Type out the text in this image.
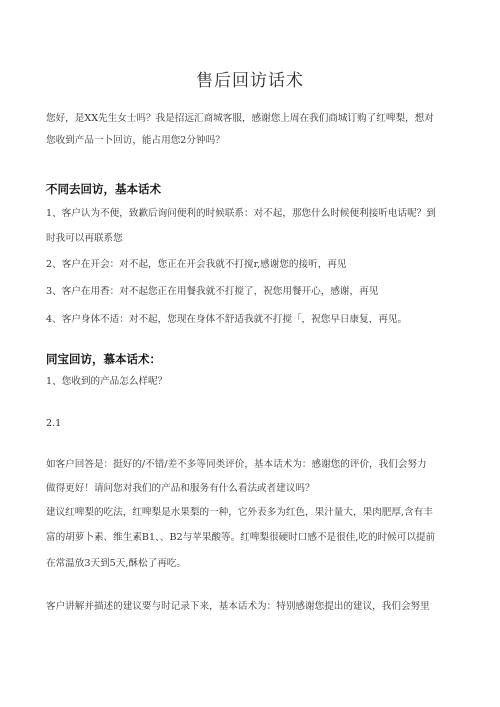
售后回访话术
您好，是XX先生女士吗？我是招远汇商城客服，感谢您上周在我们商城订购了红啤梨，想对
您收到产品一卜回访，能占用您2分钟吗？
不同去回访，基本话术
1、客户认为不便，致歉后询问便利的时候联系：对不起，那您什么时候便利接听电话呢？到
时我可以再联系您
2、客户在开会：对不起，您正在开会我就不打搅r,感谢您的接听，再见
3、客户在用香：对不起您正在用餐我就不打搅了，祝您用餐开心，感谢，再见
4、客户身体不适：对不起，您现在身体不舒适我就不打搅「，祝您早日康复，再见。
同宝回访，慕本话术：
1、您收到的产品怎么样呢？
2.1
如客户回答是：挺好的/不错/差不多等同类评价，基本话术为：感谢您的评价，我们会努力
做得更好！请问您对我们的产品和服务有什么看法或者建议吗？
建议红啤梨的吃法，红啤梨是水果梨的一种，它外表多为红色，果汁量大，果肉肥厚,含有丰
富的胡萝卜素、维生素B1、、B2与苹果酸等。红啤梨很硬时口感不是很佳,吃的时候可以提前
在常温放3天到5天,酥松了再吃。
客户讲解并描述的建议要与时记录下来，基本话术为：特别感谢您提出的建议，我们会努里
